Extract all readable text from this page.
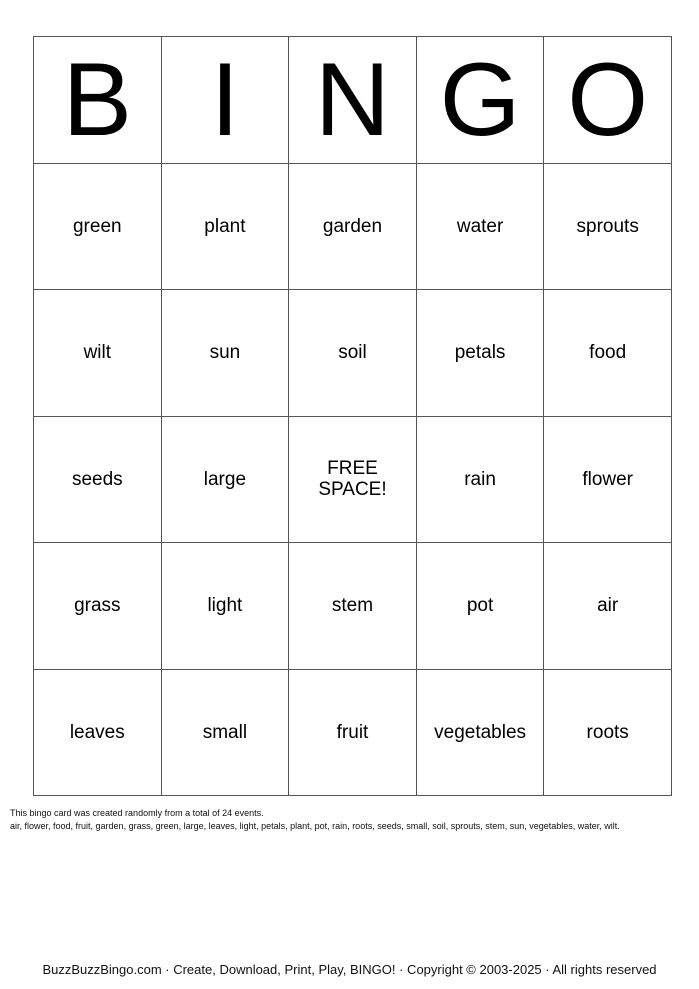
B	I	N	G	O
green	plant	garden	water	sprouts
wilt	sun	soil	petals	food
seeds	large	FREE SPACE!	rain	flower
grass	light	stem	pot	air
leaves	small	fruit	vegetables	roots
This bingo card was created randomly from a total of 24 events.
air, flower, food, fruit, garden, grass, green, large, leaves, light, petals, plant, pot, rain, roots, seeds, small, soil, sprouts, stem, sun, vegetables, water, wilt.
BuzzBuzzBingo.com · Create, Download, Print, Play, BINGO! · Copyright © 2003-2025 · All rights reserved
